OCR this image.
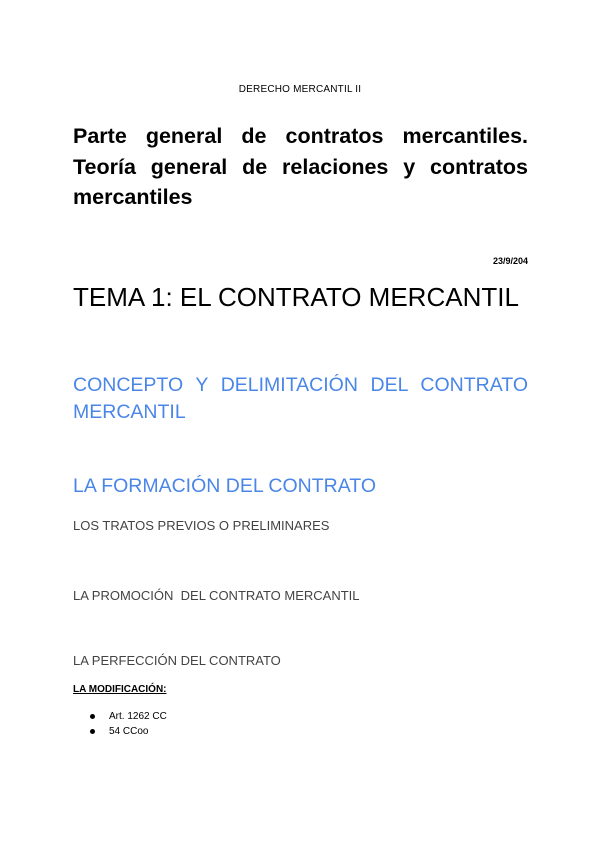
DERECHO MERCANTIL II
Parte general de contratos mercantiles. Teoría general de relaciones y contratos mercantiles
23/9/204
TEMA 1: EL CONTRATO MERCANTIL
CONCEPTO Y DELIMITACIÓN DEL CONTRATO MERCANTIL
LA FORMACIÓN DEL CONTRATO
LOS TRATOS PREVIOS O PRELIMINARES
LA PROMOCIÓN  DEL CONTRATO MERCANTIL
LA PERFECCIÓN DEL CONTRATO
LA MODIFICACIÓN:
Art. 1262 CC
54 CCoo
